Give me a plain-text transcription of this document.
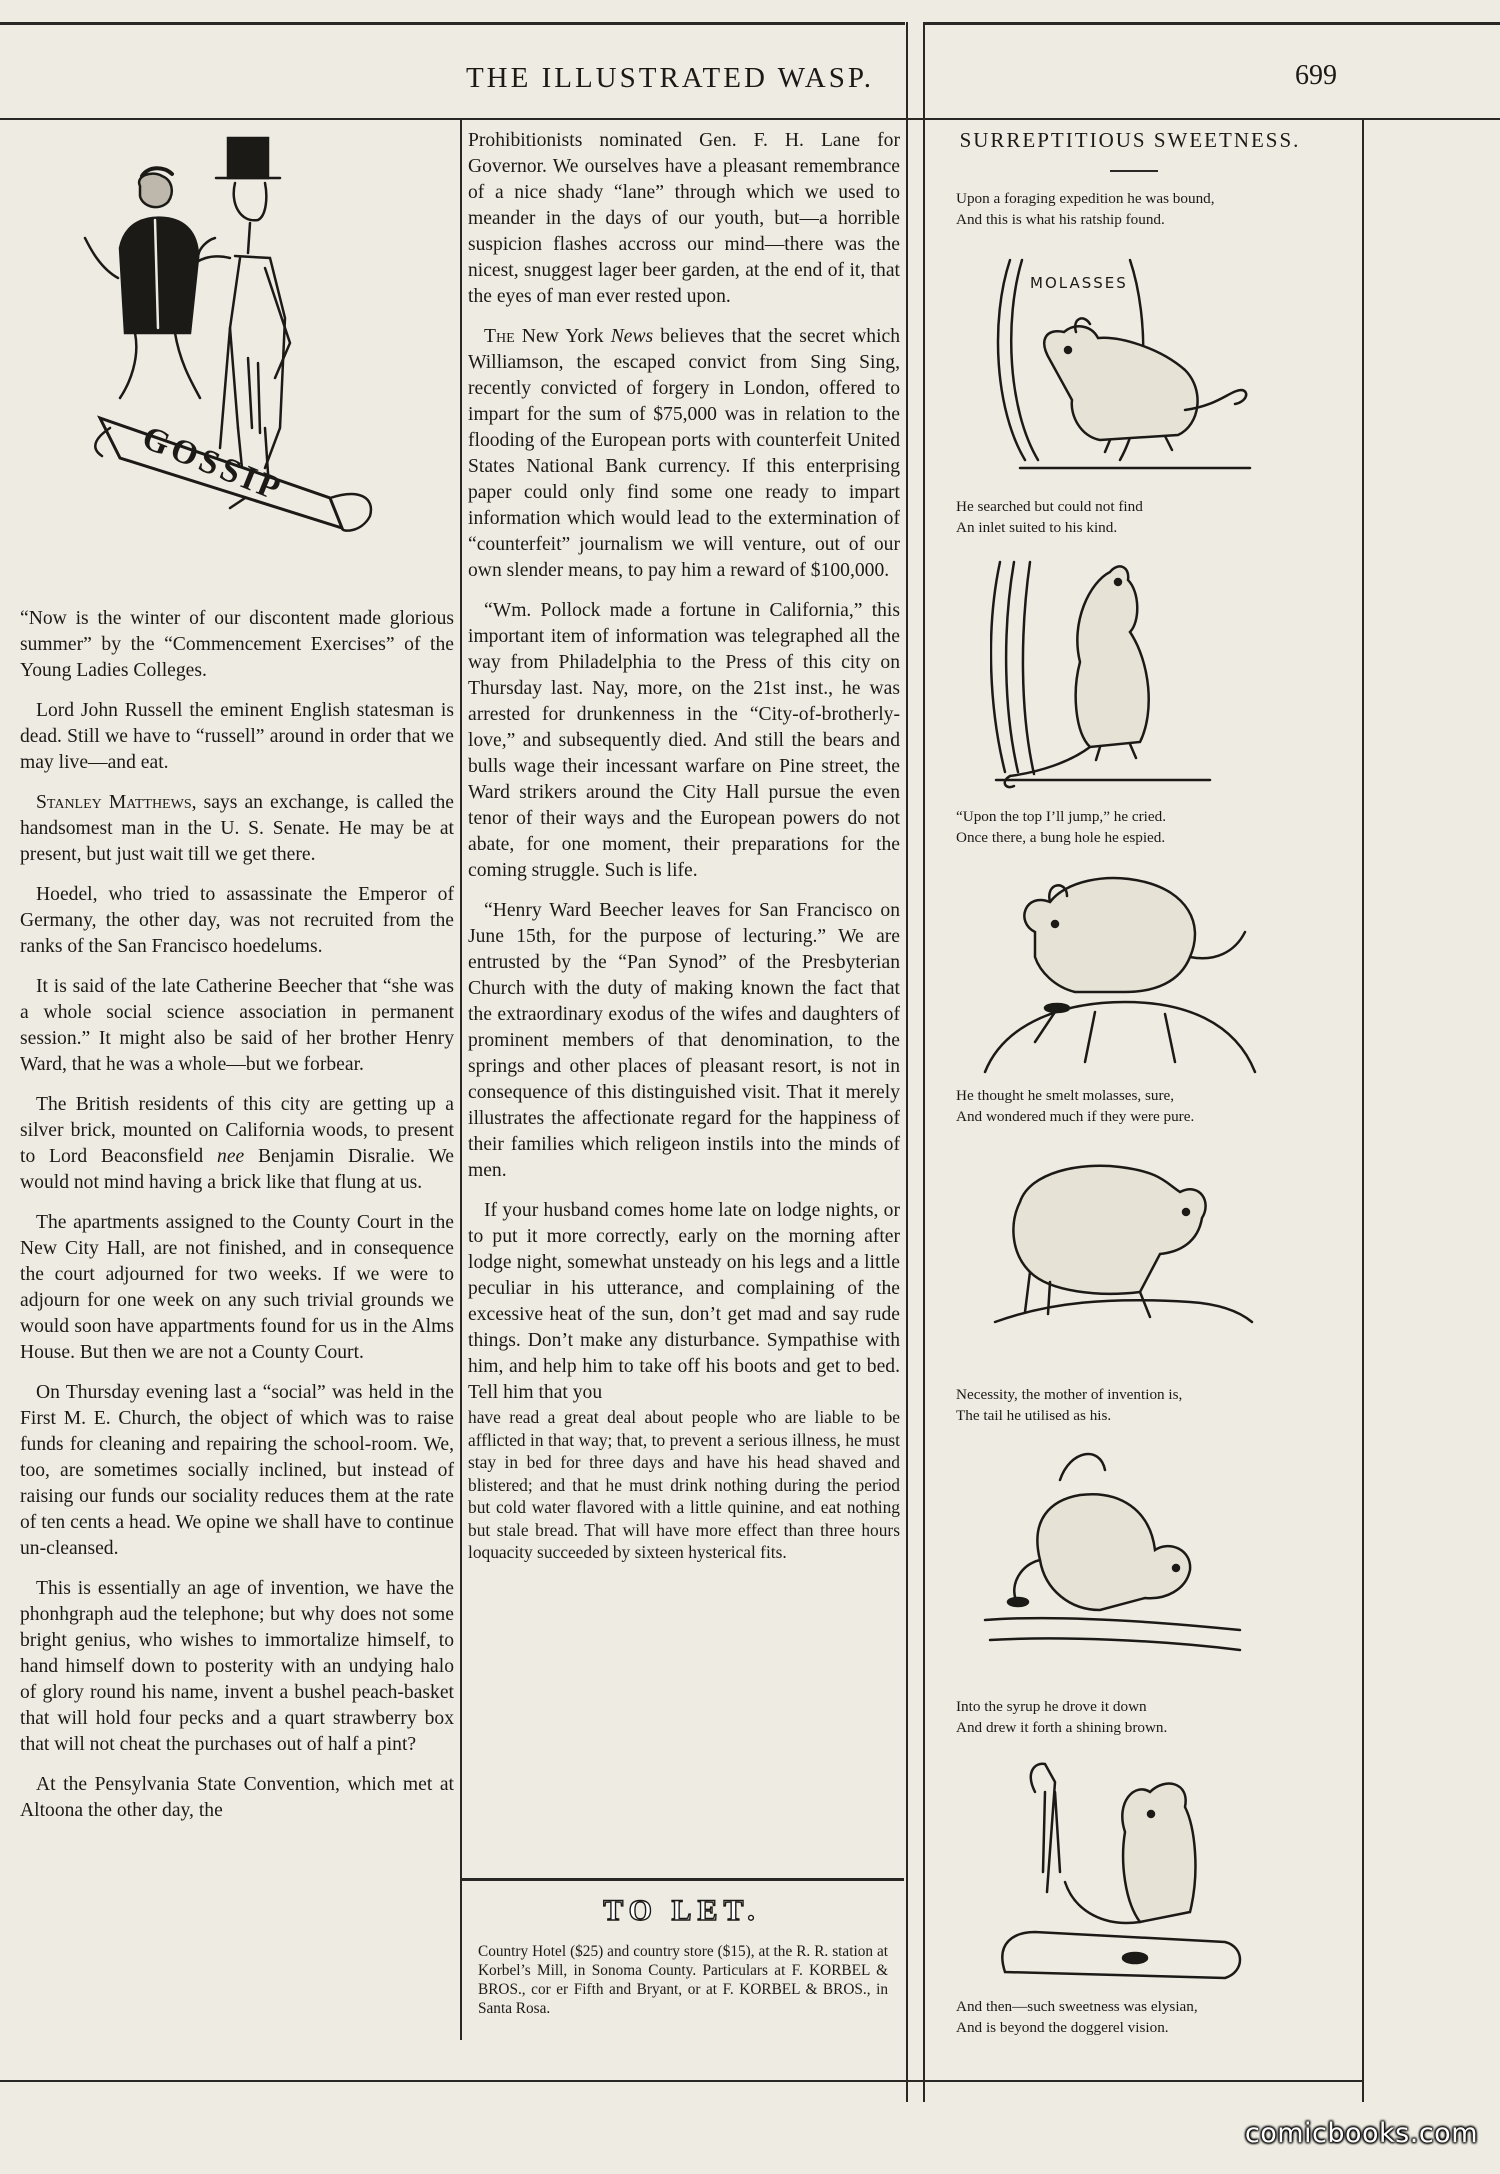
THE ILLUSTRATED WASP.	699
GOSSIP

“Now is the winter of our discontent made glorious summer” by the “Commencement Exercises” of the Young Ladies Colleges.

Lord John Russell the eminent English statesman is dead. Still we have to “russell” around in order that we may live—and eat.

Stanley Matthews, says an exchange, is called the handsomest man in the U. S. Senate. He may be at present, but just wait till we get there.

Hoedel, who tried to assassinate the Emperor of Germany, the other day, was not recruited from the ranks of the San Francisco hoedelums.

It is said of the late Catherine Beecher that “she was a whole social science association in permanent session.” It might also be said of her brother Henry Ward, that he was a whole—but we forbear.

The British residents of this city are getting up a silver brick, mounted on California woods, to present to Lord Beaconsfield nee Benjamin Disralie. We would not mind having a brick like that flung at us.

The apartments assigned to the County Court in the New City Hall, are not finished, and in consequence the court adjourned for two weeks. If we were to adjourn for one week on any such trivial grounds we would soon have appartments found for us in the Alms House. But then we are not a County Court.

On Thursday evening last a “social” was held in the First M. E. Church, the object of which was to raise funds for cleaning and repairing the school-room. We, too, are sometimes socially inclined, but instead of raising our funds our sociality reduces them at the rate of ten cents a head. We opine we shall have to continue un-cleansed.

This is essentially an age of invention, we have the phonhgraph aud the telephone; but why does not some bright genius, who wishes to immortalize himself, to hand himself down to posterity with an undying halo of glory round his name, invent a bushel peach-basket that will hold four pecks and a quart strawberry box that will not cheat the purchases out of half a pint?

At the Pensylvania State Convention, which met at Altoona the other day, the

Prohibitionists nominated Gen. F. H. Lane for Governor. We ourselves have a pleasant remembrance of a nice shady “lane” through which we used to meander in the days of our youth, but—a horrible suspicion flashes accross our mind—there was the nicest, snuggest lager beer garden, at the end of it, that the eyes of man ever rested upon.

The New York News believes that the secret which Williamson, the escaped convict from Sing Sing, recently convicted of forgery in London, offered to impart for the sum of $75,000 was in relation to the flooding of the European ports with counterfeit United States National Bank currency. If this enterprising paper could only find some one ready to impart information which would lead to the extermination of “counterfeit” journalism we will venture, out of our own slender means, to pay him a reward of $100,000.

“Wm. Pollock made a fortune in California,” this important item of information was telegraphed all the way from Philadelphia to the Press of this city on Thursday last. Nay, more, on the 21st inst., he was arrested for drunkenness in the “City-of-brotherly-love,” and subsequently died. And still the bears and bulls wage their incessant warfare on Pine street, the Ward strikers around the City Hall pursue the even tenor of their ways and the European powers do not abate, for one moment, their preparations for the coming struggle. Such is life.

“Henry Ward Beecher leaves for San Francisco on June 15th, for the purpose of lecturing.” We are entrusted by the “Pan Synod” of the Presbyterian Church with the duty of making known the fact that the extraordinary exodus of the wifes and daughters of prominent members of that denomination, to the springs and other places of pleasant resort, is not in consequence of this distinguished visit. That it merely illustrates the affectionate regard for the happiness of their families which religeon instils into the minds of men.

If your husband comes home late on lodge nights, or to put it more correctly, early on the morning after lodge night, somewhat unsteady on his legs and a little peculiar in his utterance, and complaining of the excessive heat of the sun, don’t get mad and say rude things. Don’t make any disturbance. Sympathise with him, and help him to take off his boots and get to bed. Tell him that you

have read a great deal about people who are liable to be afflicted in that way; that, to prevent a serious illness, he must stay in bed for three days and have his head shaved and blistered; and that he must drink nothing during the period but cold water flavored with a little quinine, and eat nothing but stale bread. That will have more effect than three hours loquacity succeeded by sixteen hysterical fits.

TO LET.
Country Hotel ($25) and country store ($15), at the R. R. station at Korbel’s Mill, in Sonoma County. Particulars at F. KORBEL & BROS., cor er Fifth and Bryant, or at F. KORBEL & BROS., in Santa Rosa.
SURREPTITIOUS SWEETNESS.
Upon a foraging expedition he was bound,
And this is what his ratship found.
MOLASSES
He searched but could not find
An inlet suited to his kind.
“Upon the top I’ll jump,” he cried.
Once there, a bung hole he espied.
He thought he smelt molasses, sure,
And wondered much if they were pure.
Necessity, the mother of invention is,
The tail he utilised as his.
Into the syrup he drove it down
And drew it forth a shining brown.
And then—such sweetness was elysian,
And is beyond the doggerel vision.
comicbooks.com
